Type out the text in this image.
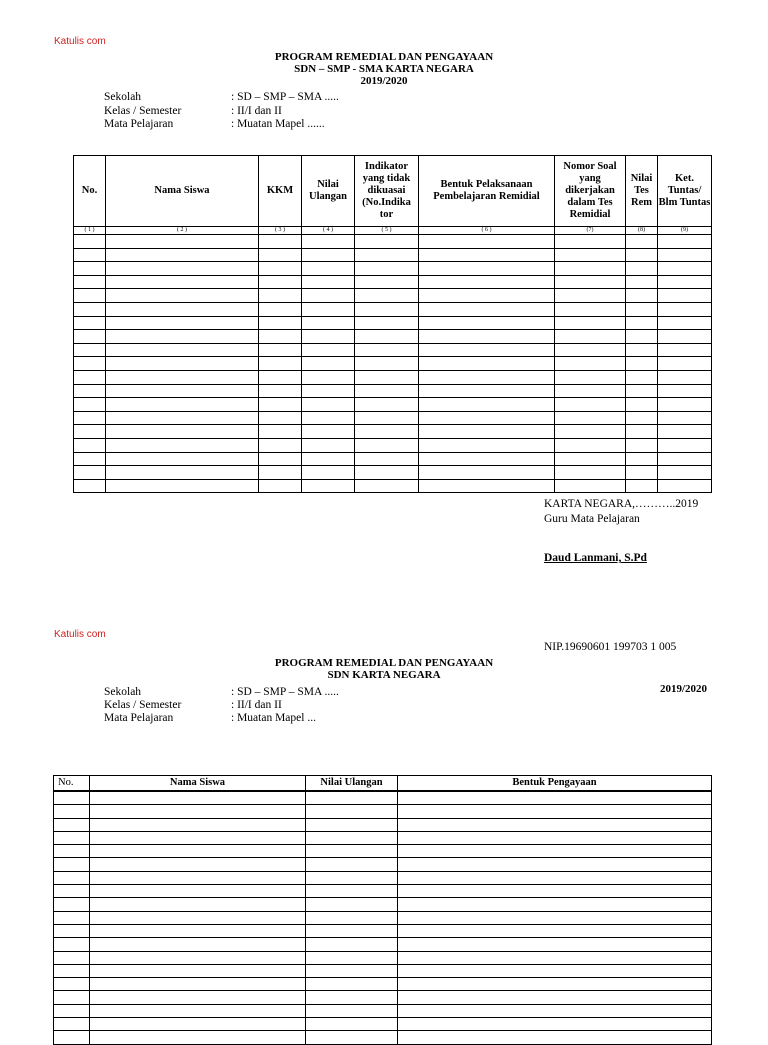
Katulis com
PROGRAM REMEDIAL DAN PENGAYAAN
SDN – SMP - SMA KARTA NEGARA
2019/2020
Sekolah	: SD – SMP – SMA .....
Kelas / Semester	: II/I dan II
Mata Pelajaran	: Muatan Mapel ......
No.	Nama Siswa	KKM	Nilai Ulangan	Indikator yang tidak dikuasai (No.Indika tor	Bentuk Pelaksanaan Pembelajaran Remidial	Nomor Soal yang dikerjakan dalam Tes Remidial	Nilai Tes Rem	Ket. Tuntas/ Blm Tuntas
( 1 )	( 2 )	( 3 )	( 4 )	( 5 )	( 6 )	(7)	(8)	(9)

KARTA NEGARA,………..2019
Guru Mata Pelajaran
Daud Lanmani, S.Pd
Katulis com
NIP.19690601 199703 1 005
PROGRAM REMEDIAL DAN PENGAYAAN
SDN KARTA NEGARA
2019/2020
Sekolah	: SD – SMP – SMA .....
Kelas / Semester	: II/I dan II
Mata Pelajaran	: Muatan Mapel ...
No.	Nama Siswa	Nilai Ulangan	Bentuk Pengayaan
